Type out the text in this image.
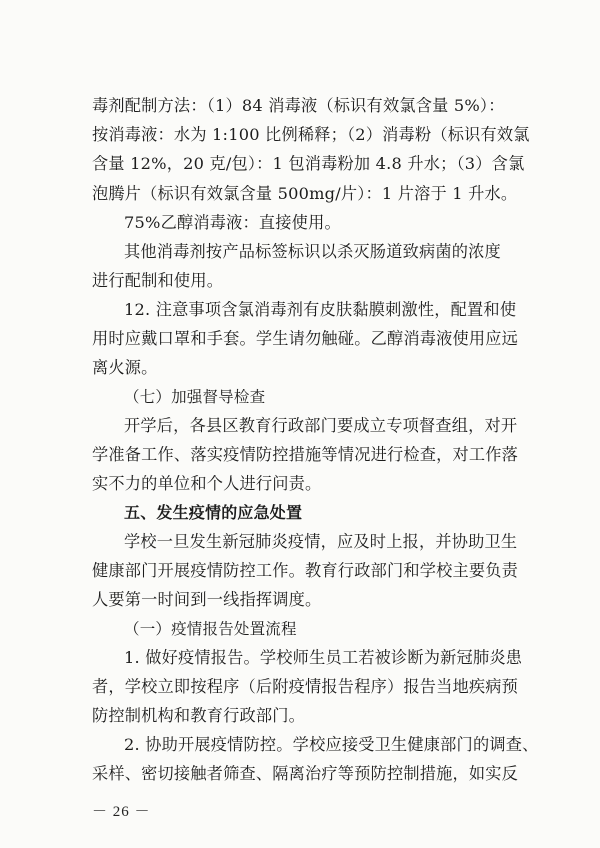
毒剂配制方法：（1）84 消毒液（标识有效氯含量 5%）：
按消毒液：水为 1:100 比例稀释；（2）消毒粉（标识有效氯
含量 12%，20 克/包）：1 包消毒粉加 4.8 升水；（3）含氯
泡腾片（标识有效氯含量 500mg/片）：1 片溶于 1 升水。
75%乙醇消毒液：直接使用。
其他消毒剂按产品标签标识以杀灭肠道致病菌的浓度
进行配制和使用。
12. 注意事项含氯消毒剂有皮肤黏膜刺激性，配置和使
用时应戴口罩和手套。学生请勿触碰。乙醇消毒液使用应远
离火源。
（七）加强督导检查
开学后，各县区教育行政部门要成立专项督查组，对开
学准备工作、落实疫情防控措施等情况进行检查，对工作落
实不力的单位和个人进行问责。
五、发生疫情的应急处置
学校一旦发生新冠肺炎疫情，应及时上报，并协助卫生
健康部门开展疫情防控工作。教育行政部门和学校主要负责
人要第一时间到一线指挥调度。
（一）疫情报告处置流程
1. 做好疫情报告。学校师生员工若被诊断为新冠肺炎患
者，学校立即按程序（后附疫情报告程序）报告当地疾病预
防控制机构和教育行政部门。
2. 协助开展疫情防控。学校应接受卫生健康部门的调查、
采样、密切接触者筛查、隔离治疗等预防控制措施，如实反
－ 26 －
